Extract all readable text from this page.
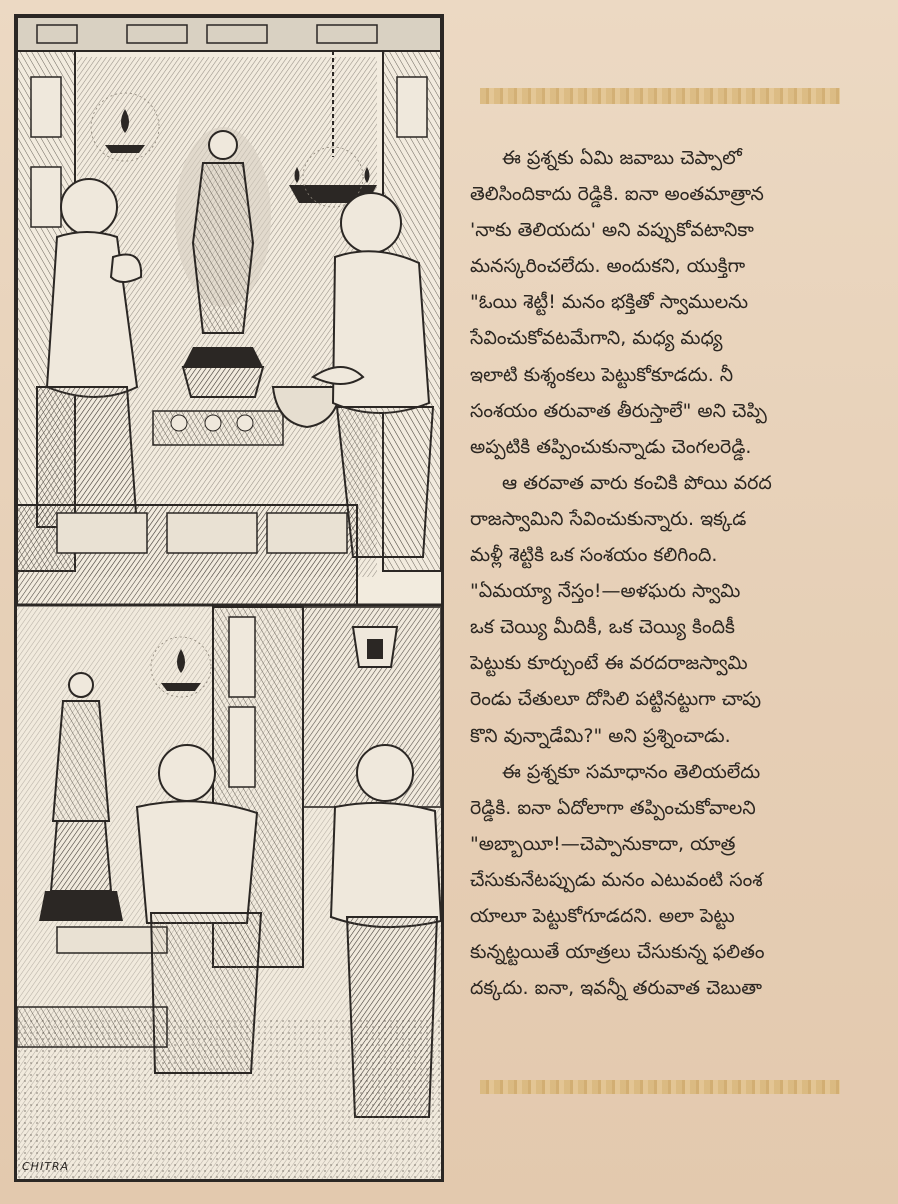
CHITRA
ఈ ప్రశ్నకు ఏమి జవాబు చెప్పాలో
తెలిసిందికాదు రెడ్డికి. ఐనా అంతమాత్రాన
'నాకు తెలియదు' అని వప్పుకోవటానికా
మనస్కరించలేదు. అందుకని, యుక్తిగా
"ఓయి శెట్టీ! మనం భక్తితో స్వాములను
సేవించుకోవటమేగాని, మధ్య మధ్య
ఇలాటి కుశ్శంకలు పెట్టుకోకూడదు. నీ
సంశయం తరువాత తీరుస్తాలే" అని చెప్పి
అప్పటికి తప్పించుకున్నాడు చెంగలరెడ్డి.
ఆ తరవాత వారు కంచికి పోయి వరద
రాజస్వామిని సేవించుకున్నారు. ఇక్కడ
మళ్లీ శెట్టికి ఒక సంశయం కలిగింది.
"ఏమయ్యా నేస్తం!—అళఘరు స్వామి
ఒక చెయ్యి మీదికీ, ఒక చెయ్యి కిందికీ
పెట్టుకు కూర్చుంటే ఈ వరదరాజస్వామి
రెండు చేతులూ దోసిలి పట్టినట్టుగా చాపు
కొని వున్నాడేమి?" అని ప్రశ్నించాడు.
ఈ ప్రశ్నకూ సమాధానం తెలియలేదు
రెడ్డికి. ఐనా ఏదోలాగా తప్పించుకోవాలని
"అబ్బాయీ!—చెప్పానుకాదా, యాత్ర
చేసుకునేటప్పుడు మనం ఎటువంటి సంశ
యాలూ పెట్టుకోగూడదని. అలా పెట్టు
కున్నట్టయితే యాత్రలు చేసుకున్న ఫలితం
దక్కదు. ఐనా, ఇవన్నీ తరువాత చెబుతా
